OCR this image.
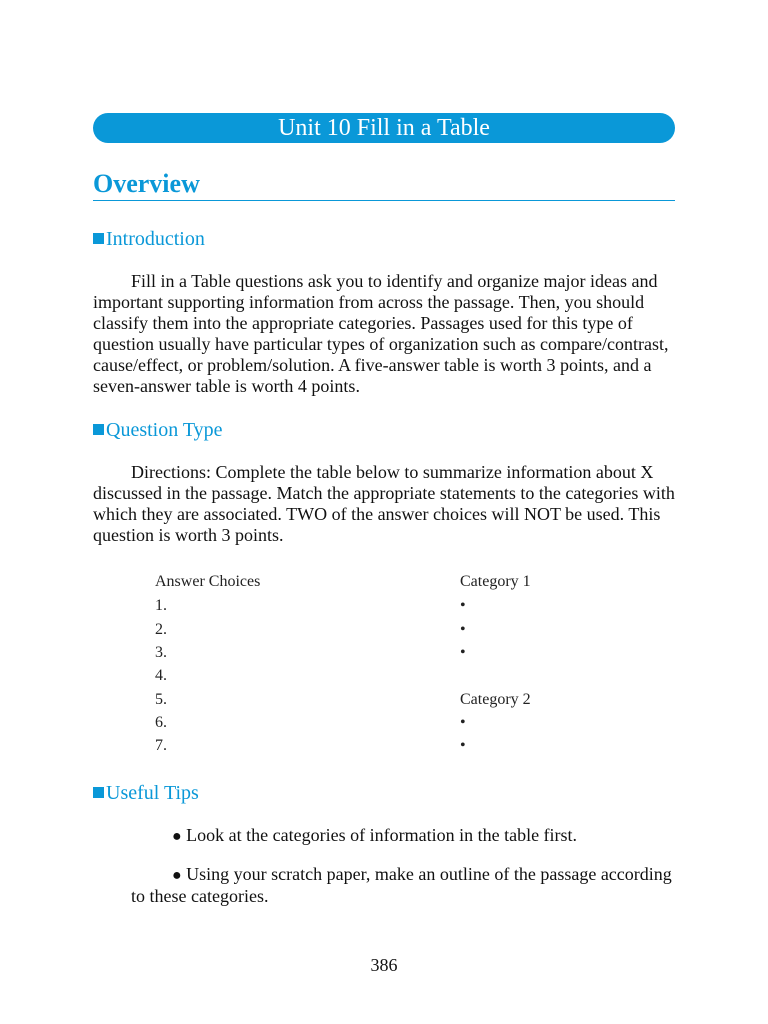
Unit 10 Fill in a Table
Overview
Introduction

Fill in a Table questions ask you to identify and organize major ideas and important supporting information from across the passage. Then, you should classify them into the appropriate categories. Passages used for this type of question usually have particular types of organization such as compare/contrast, cause/effect, or problem/solution. A five-answer table is worth 3 points, and a seven-answer table is worth 4 points.

Question Type

Directions: Complete the table below to summarize information about X discussed in the passage. Match the appropriate statements to the categories with which they are associated. TWO of the answer choices will NOT be used. This question is worth 3 points.

Answer Choices
1.
2.
3.
4.
5.
6.
7.
Category 1
•
•
•
Category 2
•
•
Useful Tips

● Look at the categories of information in the table first.

● Using your scratch paper, make an outline of the passage according to these categories.

386
